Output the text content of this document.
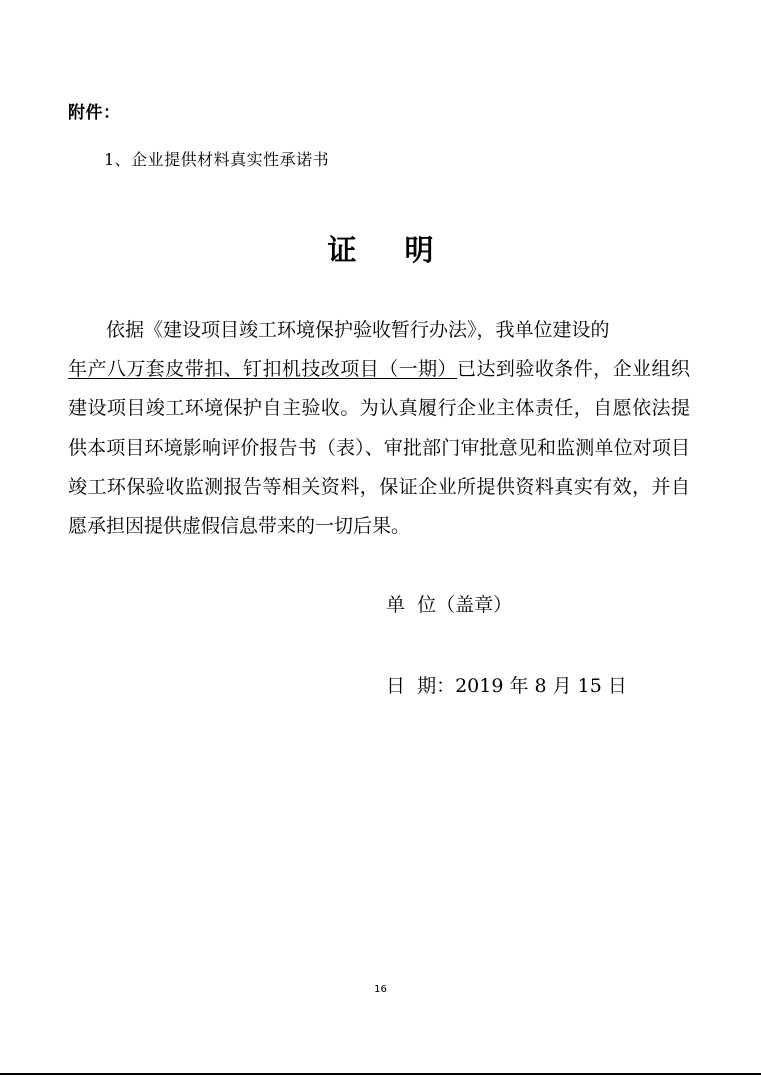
附件：
1、企业提供材料真实性承诺书
证明

依据《建设项目竣工环境保护验收暂行办法》，我单位建设的
年产八万套皮带扣、钉扣机技改项目（一期）已达到验收条件，企业组织建设项目竣工环境保护自主验收。为认真履行企业主体责任，自愿依法提供本项目环境影响评价报告书（表）、审批部门审批意见和监测单位对项目竣工环保验收监测报告等相关资料，保证企业所提供资料真实有效，并自愿承担因提供虚假信息带来的一切后果。

单  位（盖章）
日  期：2019 年 8 月 15 日
16
